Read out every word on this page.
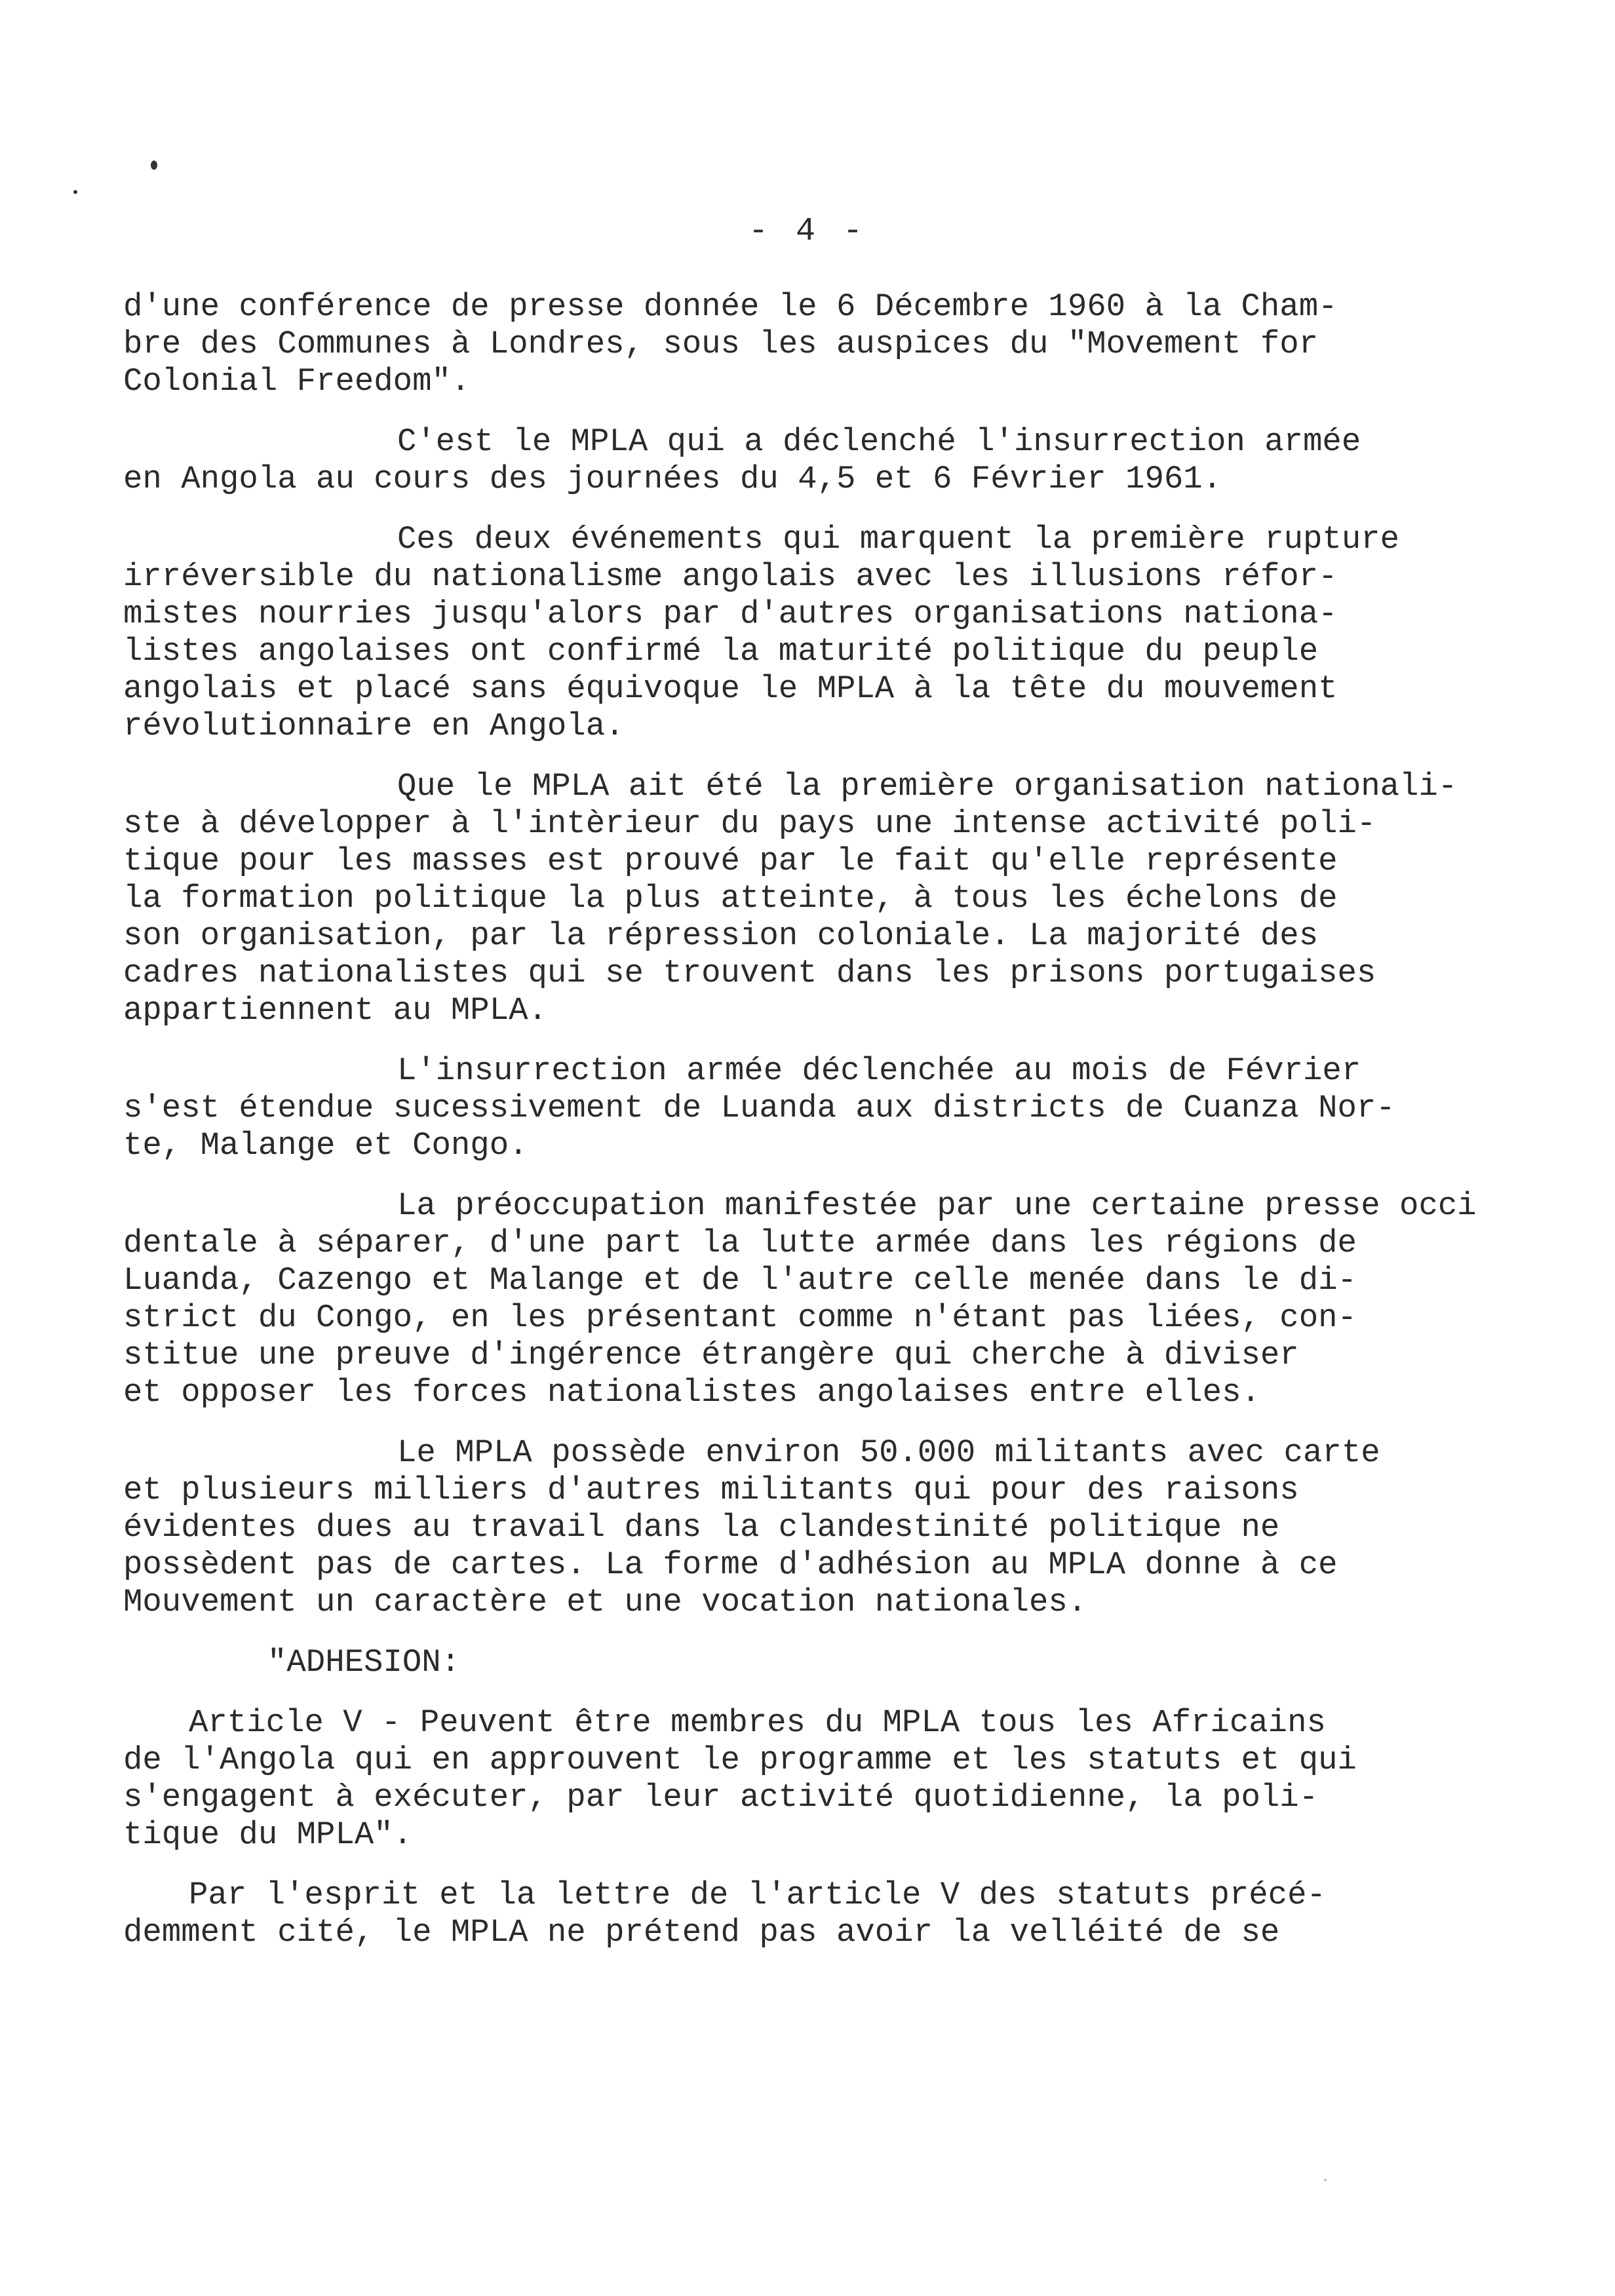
- 4 -
d'une conférence de presse donnée le 6 Décembre 1960 à la Cham-
bre des Communes à Londres, sous les auspices du "Movement for
Colonial Freedom".
C'est le MPLA qui a déclenché l'insurrection armée
en Angola au cours des journées du 4,5 et 6 Février 1961.
Ces deux événements qui marquent la première rupture
irréversible du nationalisme angolais avec les illusions réfor-
mistes nourries jusqu'alors par d'autres organisations nationa-
listes angolaises ont confirmé la maturité politique du peuple
angolais et placé sans équivoque le MPLA à la tête du mouvement
révolutionnaire en Angola.
Que le MPLA ait été la première organisation nationali-
ste à développer à l'intèrieur du pays une intense activité poli-
tique pour les masses est prouvé par le fait qu'elle représente
la formation politique la plus atteinte, à tous les échelons de
son organisation, par la répression coloniale. La majorité des
cadres nationalistes qui se trouvent dans les prisons portugaises
appartiennent au MPLA.
L'insurrection armée déclenchée au mois de Février
s'est étendue sucessivement de Luanda aux districts de Cuanza Nor-
te, Malange et Congo.
La préoccupation manifestée par une certaine presse occi
dentale à séparer, d'une part la lutte armée dans les régions de
Luanda, Cazengo et Malange et de l'autre celle menée dans le di-
strict du Congo, en les présentant comme n'étant pas liées, con-
stitue une preuve d'ingérence étrangère qui cherche à diviser
et opposer les forces nationalistes angolaises entre elles.
Le MPLA possède environ 50.000 militants avec carte
et plusieurs milliers d'autres militants qui pour des raisons
évidentes dues au travail dans la clandestinité politique ne
possèdent pas de cartes. La forme d'adhésion au MPLA donne à ce
Mouvement un caractère et une vocation nationales.
"ADHESION:
Article V - Peuvent être membres du MPLA tous les Africains
de l'Angola qui en approuvent le programme et les statuts et qui
s'engagent à exécuter, par leur activité quotidienne, la poli-
tique du MPLA".
Par l'esprit et la lettre de l'article V des statuts précé-
demment cité, le MPLA ne prétend pas avoir la velléité de se
